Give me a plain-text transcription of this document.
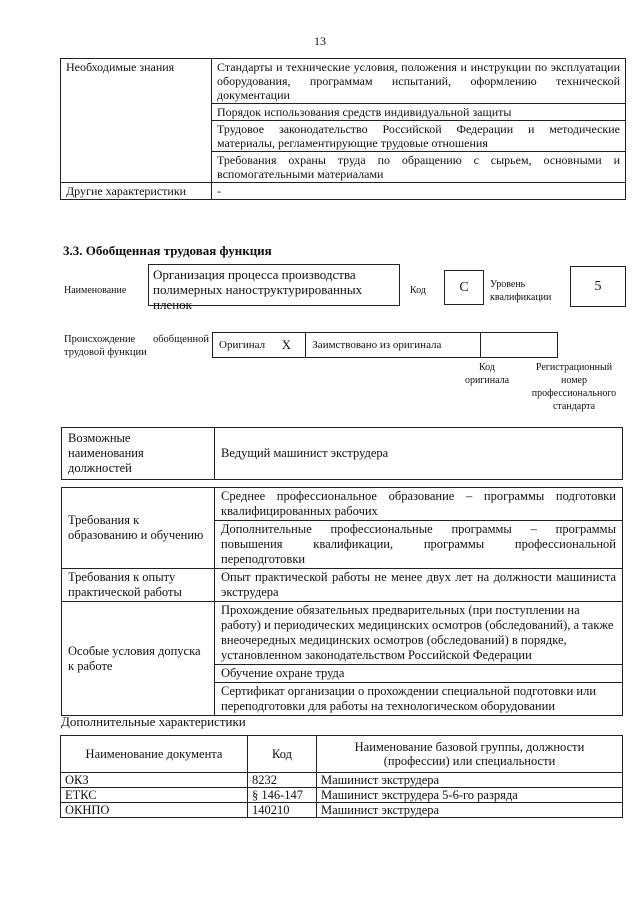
13
Необходимые знания	Стандарты и технические условия, положения и инструкции по эксплуатации оборудования, программам испытаний, оформлению технической документации
	Порядок использования средств индивидуальной защиты
	Трудовое законодательство Российской Федерации и методические материалы, регламентирующие трудовые отношения
	Требования охраны труда по обращению с сырьем, основными и вспомогательными материалами
Другие характеристики	-
3.3. Обобщенная трудовая функция
Наименование
Организация процесса производства полимерных наноструктурированных пленок
Код	C	Уровень квалификации
5
Происхождение обобщенной трудовой функции
Оригинал	X	Заимствовано из оригинала		
Код оригинала
Регистрационный номер профессионального стандарта
Возможные наименования должностей	Ведущий машинист экструдера
Требования к образованию и обучению	Среднее профессиональное образование – программы подготовки квалифицированных рабочих
	Дополнительные профессиональные программы – программы повышения квалификации, программы профессиональной переподготовки
Требования к опыту практической работы	Опыт практической работы не менее двух лет на должности машиниста экструдера
Особые условия допуска к работе	Прохождение обязательных предварительных (при поступлении на работу) и периодических медицинских осмотров (обследований), а также внеочередных медицинских осмотров (обследований) в порядке, установленном законодательством Российской Федерации
	Обучение охране труда
	Сертификат организации о прохождении специальной подготовки или переподготовки для работы на технологическом оборудовании
Дополнительные характеристики
Наименование документа	Код	Наименование базовой группы, должности (профессии) или специальности
ОКЗ	8232	Машинист экструдера
ЕТКС	§ 146-147	Машинист экструдера 5-6-го разряда
ОКНПО	140210	Машинист экструдера
